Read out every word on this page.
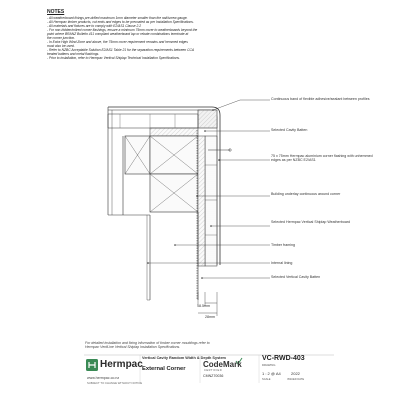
NOTES
- All weatherboard fixings pre-drilled maximum 1mm diameter smaller than the nail/screw gauge.
- All Hermpac timber products, cut ends and edges to be precoated as per Installation Specifications.
- All materials and fixtures are to comply with E2/AS1 Clause 2.2
- For non-hidden/mitred corner flashings, ensure a minimum 75mm cover to weatherboards beyond the
point where BRANZ Bulletin 411 compliant weatherboard lap or rebate combinations terminate at
the corner junction.
- In Extra High Wind Zone and above, the 75mm cover requirement remains and hemmed edges
must also be used.
- Refer to NZBC Acceptable Solution E2/AS1 Table 21 for the separation requirements between CCA
treated battens and metal flashings.
- Prior to installation, refer to Hermpac Vertical Shiplap Technical Installation Specifications.
Continuous band of flexible adhesive/sealant between profiles
Selected Cavity Batten
75 x 75mm Hermpac aluminium corner flashing with unhemmed edges as per NZBC E2/AS1
Building underlay continuous around corner
Selected Hermpac Vertical Shiplap Weatherboard
Timber framing
Internal lining
Selected Vertical Cavity Batten
18.5mm
28mm
For detailed installation and fixing information of timber corner mouldings refer to
Hermpac VertiLine Vertical Shiplap Installation Specifications.
Hermpac
www.hermpac.co.nz
SUBJECT TO CHANGE WITHOUT NOTICE
Vertical Cavity Random Width & Depth System
External Corner CodeMark
CERTIFIED
CMNZ70036
VC-RWD-403
DRAWING
1 : 2 @ A4
SCALE
2022
ISSUED DATE
